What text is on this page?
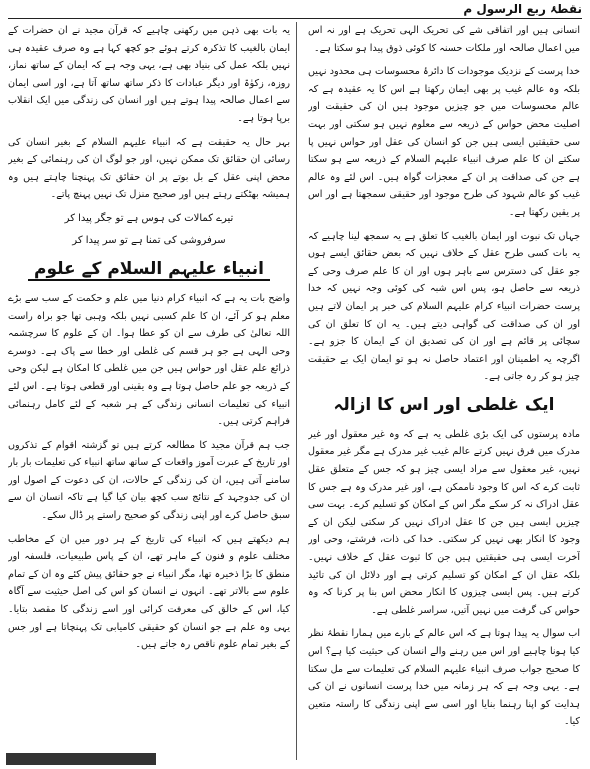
نقطۂ ربع الرسول م

انسانی ہیں اور اتفاقی شے کی تحریک الہی تحریک ہے اور نہ اس میں اعمال صالحہ اور ملکات حسنہ کا کوئی ذوق پیدا ہو سکتا ہے۔

خدا پرست کے نزدیک موجودات کا دائرۂ محسوسات ہی محدود نہیں بلکہ وہ عالم غیب پر بھی ایمان رکھتا ہے اس کا یہ عقیدہ ہے کہ عالم محسوسات میں جو چیزیں موجود ہیں ان کی حقیقت اور اصلیت محض حواس کے ذریعہ سے معلوم نہیں ہو سکتی اور بہت سی حقیقتیں ایسی ہیں جن کو انسان کی عقل اور حواس نہیں پا سکتے ان کا علم صرف انبیاء علیہم السلام کے ذریعہ سے ہو سکتا ہے جن کی صداقت پر ان کے معجزات گواہ ہیں۔ اس لئے وہ عالم غیب کو عالم شہود کی طرح موجود اور حقیقی سمجھتا ہے اور اس پر یقین رکھتا ہے۔

جہاں تک نبوت اور ایمان بالغیب کا تعلق ہے یہ سمجھ لینا چاہیے کہ یہ بات کسی طرح عقل کے خلاف نہیں کہ بعض حقائق ایسے ہوں جو عقل کی دسترس سے باہر ہوں اور ان کا علم صرف وحی کے ذریعہ سے حاصل ہو، پس اس شبہ کی کوئی وجہ نہیں کہ خدا پرست حضرات انبیاء کرام علیہم السلام کی خبر پر ایمان لاتے ہیں اور ان کی صداقت کی گواہی دیتے ہیں۔ یہ ان کا تعلق ان کی سچائی پر قائم ہے اور ان کی تصدیق ان کے ایمان کا جزو ہے۔ اگرچہ یہ اطمینان اور اعتماد حاصل نہ ہو تو ایمان ایک بے حقیقت چیز ہو کر رہ جاتی ہے۔

ایک غلطی اور اس کا ازالہ

مادہ پرستوں کی ایک بڑی غلطی یہ ہے کہ وہ غیر معقول اور غیر مدرک میں فرق نہیں کرتے عالم غیب غیر مدرک ہے مگر غیر معقول نہیں، غیر معقول سے مراد ایسی چیز ہو کہ جس کے متعلق عقل ثابت کرے کہ اس کا وجود ناممکن ہے، اور غیر مدرک وہ ہے جس کا عقل ادراک نہ کر سکے مگر اس کے امکان کو تسلیم کرے۔ بہت سی چیزیں ایسی ہیں جن کا عقل ادراک نہیں کر سکتی لیکن ان کے وجود کا انکار بھی نہیں کر سکتی۔ خدا کی ذات، فرشتے، وحی اور آخرت ایسی ہی حقیقتیں ہیں جن کا ثبوت عقل کے خلاف نہیں۔ بلکہ عقل ان کے امکان کو تسلیم کرتی ہے اور دلائل ان کی تائید کرتے ہیں۔ پس ایسی چیزوں کا انکار محض اس بنا پر کرنا کہ وہ حواس کی گرفت میں نہیں آتیں، سراسر غلطی ہے۔

اب سوال یہ پیدا ہوتا ہے کہ اس عالم کے بارے میں ہمارا نقطۂ نظر کیا ہونا چاہیے اور اس میں رہنے والے انسان کی حیثیت کیا ہے؟ اس کا صحیح جواب صرف انبیاء علیہم السلام کی تعلیمات سے مل سکتا ہے۔ یہی وجہ ہے کہ ہر زمانہ میں خدا پرست انسانوں نے ان کی ہدایت کو اپنا رہنما بنایا اور اسی سے اپنی زندگی کا راستہ متعین کیا۔

یہ بات بھی ذہن میں رکھنی چاہیے کہ قرآن مجید نے ان حضرات کے ایمان بالغیب کا تذکرہ کرتے ہوئے جو کچھ کہا ہے وہ صرف عقیدہ ہی نہیں بلکہ عمل کی بنیاد بھی ہے، یہی وجہ ہے کہ ایمان کے ساتھ نماز، روزہ، زکوٰۃ اور دیگر عبادات کا ذکر ساتھ ساتھ آتا ہے، اور اسی ایمان سے اعمال صالحہ پیدا ہوتے ہیں اور انسان کی زندگی میں ایک انقلاب برپا ہوتا ہے۔

بہر حال یہ حقیقت ہے کہ انبیاء علیہم السلام کے بغیر انسان کی رسائی ان حقائق تک ممکن نہیں، اور جو لوگ ان کی رہنمائی کے بغیر محض اپنی عقل کے بل بوتے پر ان حقائق تک پہنچنا چاہتے ہیں وہ ہمیشہ بھٹکتے رہتے ہیں اور صحیح منزل تک نہیں پہنچ پاتے۔

تیرے کمالات کی ہوس ہے تو جگر پیدا کر
سرفروشی کی تمنا ہے تو سر پیدا کر
انبیاء علیہم السلام کے علوم

واضح بات یہ ہے کہ انبیاء کرام دنیا میں علم و حکمت کے سب سے بڑے معلم ہو کر آئے، ان کا علم کسبی نہیں بلکہ وہبی تھا جو براہ راست اللہ تعالیٰ کی طرف سے ان کو عطا ہوا۔ ان کے علوم کا سرچشمہ وحی الہی ہے جو ہر قسم کی غلطی اور خطا سے پاک ہے۔ دوسرے ذرائع علم عقل اور حواس ہیں جن میں غلطی کا امکان ہے لیکن وحی کے ذریعہ جو علم حاصل ہوتا ہے وہ یقینی اور قطعی ہوتا ہے۔ اس لئے انبیاء کی تعلیمات انسانی زندگی کے ہر شعبہ کے لئے کامل رہنمائی فراہم کرتی ہیں۔

جب ہم قرآن مجید کا مطالعہ کرتے ہیں تو گزشتہ اقوام کے تذکروں اور تاریخ کے عبرت آموز واقعات کے ساتھ ساتھ انبیاء کی تعلیمات بار بار سامنے آتی ہیں، ان کی زندگی کے حالات، ان کی دعوت کے اصول اور ان کی جدوجہد کے نتائج سب کچھ بیان کیا گیا ہے تاکہ انسان ان سے سبق حاصل کرے اور اپنی زندگی کو صحیح راستے پر ڈال سکے۔

ہم دیکھتے ہیں کہ انبیاء کی تاریخ کے ہر دور میں ان کے مخاطب مختلف علوم و فنون کے ماہر تھے، ان کے پاس طبیعیات، فلسفہ اور منطق کا بڑا ذخیرہ تھا، مگر انبیاء نے جو حقائق پیش کئے وہ ان کے تمام علوم سے بالاتر تھے۔ انہوں نے انسان کو اس کی اصل حیثیت سے آگاہ کیا، اس کے خالق کی معرفت کرائی اور اسے زندگی کا مقصد بتایا۔ یہی وہ علم ہے جو انسان کو حقیقی کامیابی تک پہنچاتا ہے اور جس کے بغیر تمام علوم ناقص رہ جاتے ہیں۔
